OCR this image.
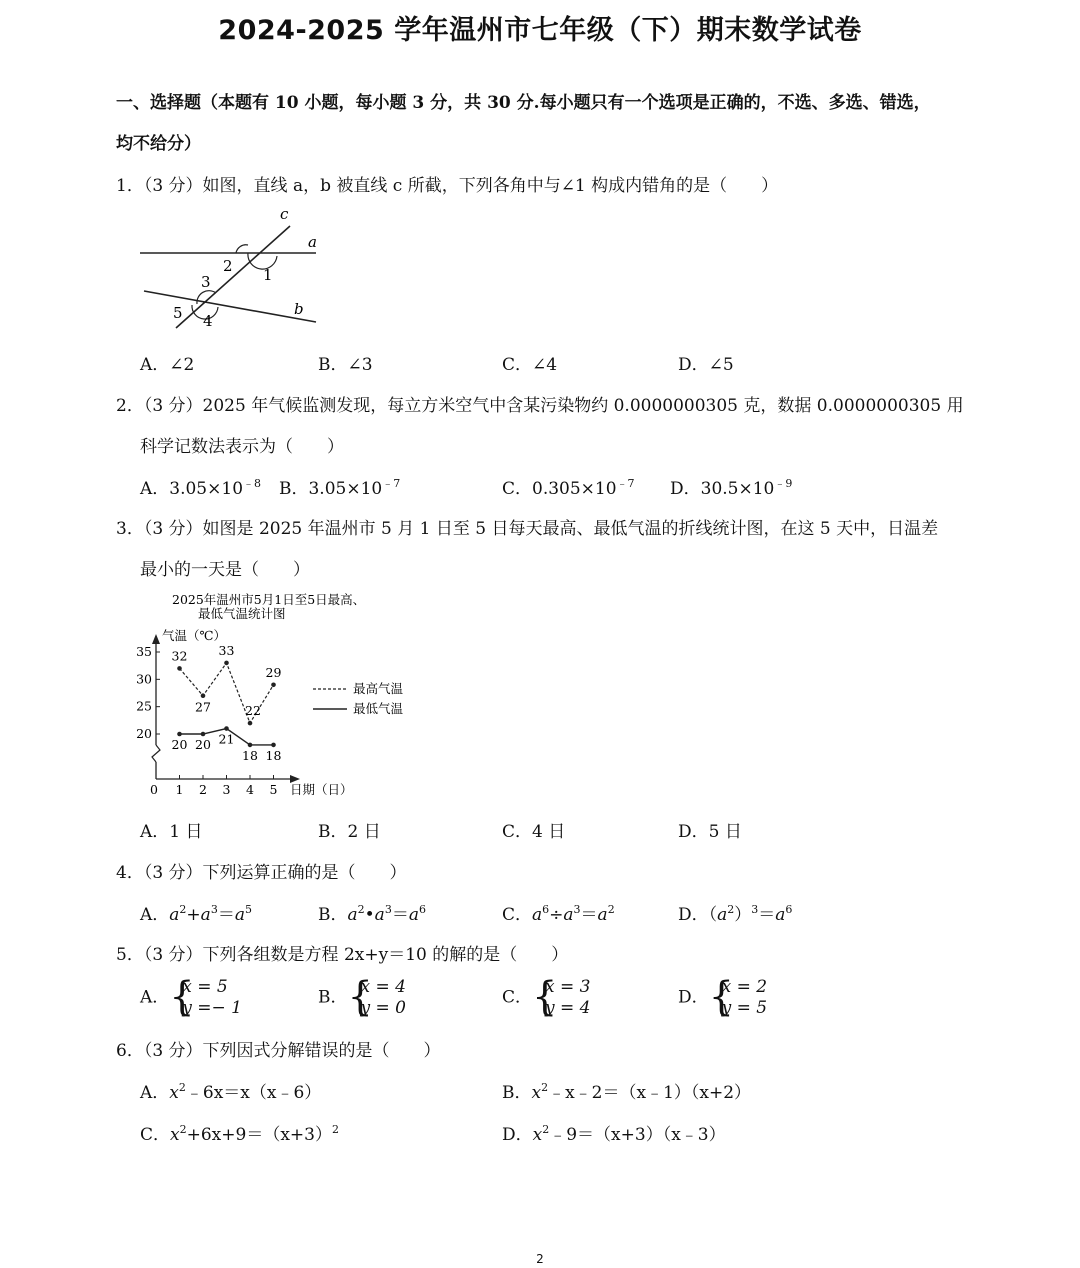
2024-2025 学年温州市七年级（下）期末数学试卷
一、选择题（本题有 10 小题，每小题 3 分，共 30 分.每小题只有一个选项是正确的，不选、多选、错选，
均不给分）
1．（3 分）如图，直线 a，b 被直线 c 所截，下列各角中与∠1 构成内错角的是（　　）
c
a
b
1
2
3
4
5
A．∠2	B．∠3	C．∠4	D．∠5
2．（3 分）2025 年气候监测发现，每立方米空气中含某污染物约 0.0000000305 克，数据 0.0000000305 用
科学记数法表示为（　　）
A．$3.05\times 10^{﹣8}$ B．$3.05\times 10^{﹣7}$	C．$0.305\times 10^{﹣7}$ D．$30.5\times 10^{﹣9}$
3．（3 分）如图是 2025 年温州市 5 月 1 日至 5 日每天最高、最低气温的折线统计图，在这 5 天中，日温差
最小的一天是（　　）
2025年温州市5月1日至5日最高、
最低气温统计图
气温（℃）
日期（日）
最高气温
最低气温
20
25
30
35
0 1 2 3 4 5
32
27
33
22
29
20 20 21
18 18
A．1 日	B．2 日	C．4 日	D．5 日
4．（3 分）下列运算正确的是（　　）
A．$a^2+a^3=a^5$	B．$a^2•a^3=a^6$	C．$a^6\div a^3=a^2$	D．$(a^2)^3=a^6$
5．（3 分）下列各组数是方程 2x+y＝10 的解的是（　　）
A． {
x = 5
y =− 1
B． {
x = 4
y = 0
C． {
x = 3
y = 4
D． {
x = 2
y = 5
6．（3 分）下列因式分解错误的是（　　）
A．$x^2﹣6x=x(x﹣6)$	B．$x^2﹣x﹣2=(x﹣1)(x+2)$
C．$x^2+6x+9=(x+3)^2$	D．$x^2﹣9=(x+3)(x﹣3)$
2
